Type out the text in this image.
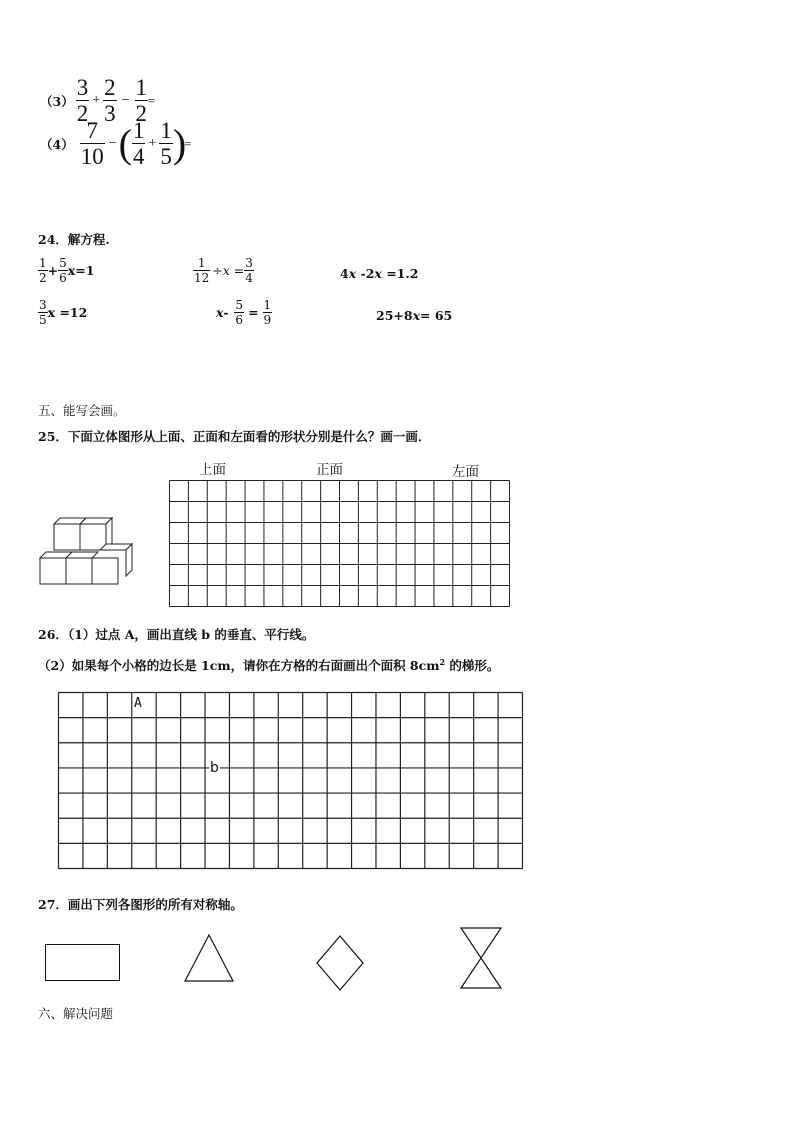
$(3) \frac{3}{2} + \frac{2}{3} - \frac{1}{2}$ =
$(4) \frac{7}{10}$ − ( $\frac{1}{4} + \frac{1}{5}$ )
=
24．解方程.
$\frac{1}{2} + \frac{5}{6} x=1$	$\frac{1}{12} \div x = \frac{3}{4}$	4x -2x =1.2
$\frac{3}{5}$ x =12	$x- \frac{5}{6} = \frac{1}{9}$	25+8x= 65
五、能写会画。
25．下面立体图形从上面、正面和左面看的形状分别是什么？画一画．
上面	正面	左面
26．（1）过点 A，画出直线 b 的垂直、平行线。
（2）如果每个小格的边长是 1cm，请你在方格的右面画出个面积 $8cm^2$ 的梯形。
A
b
27．画出下列各图形的所有对称轴。
六、解决问题
